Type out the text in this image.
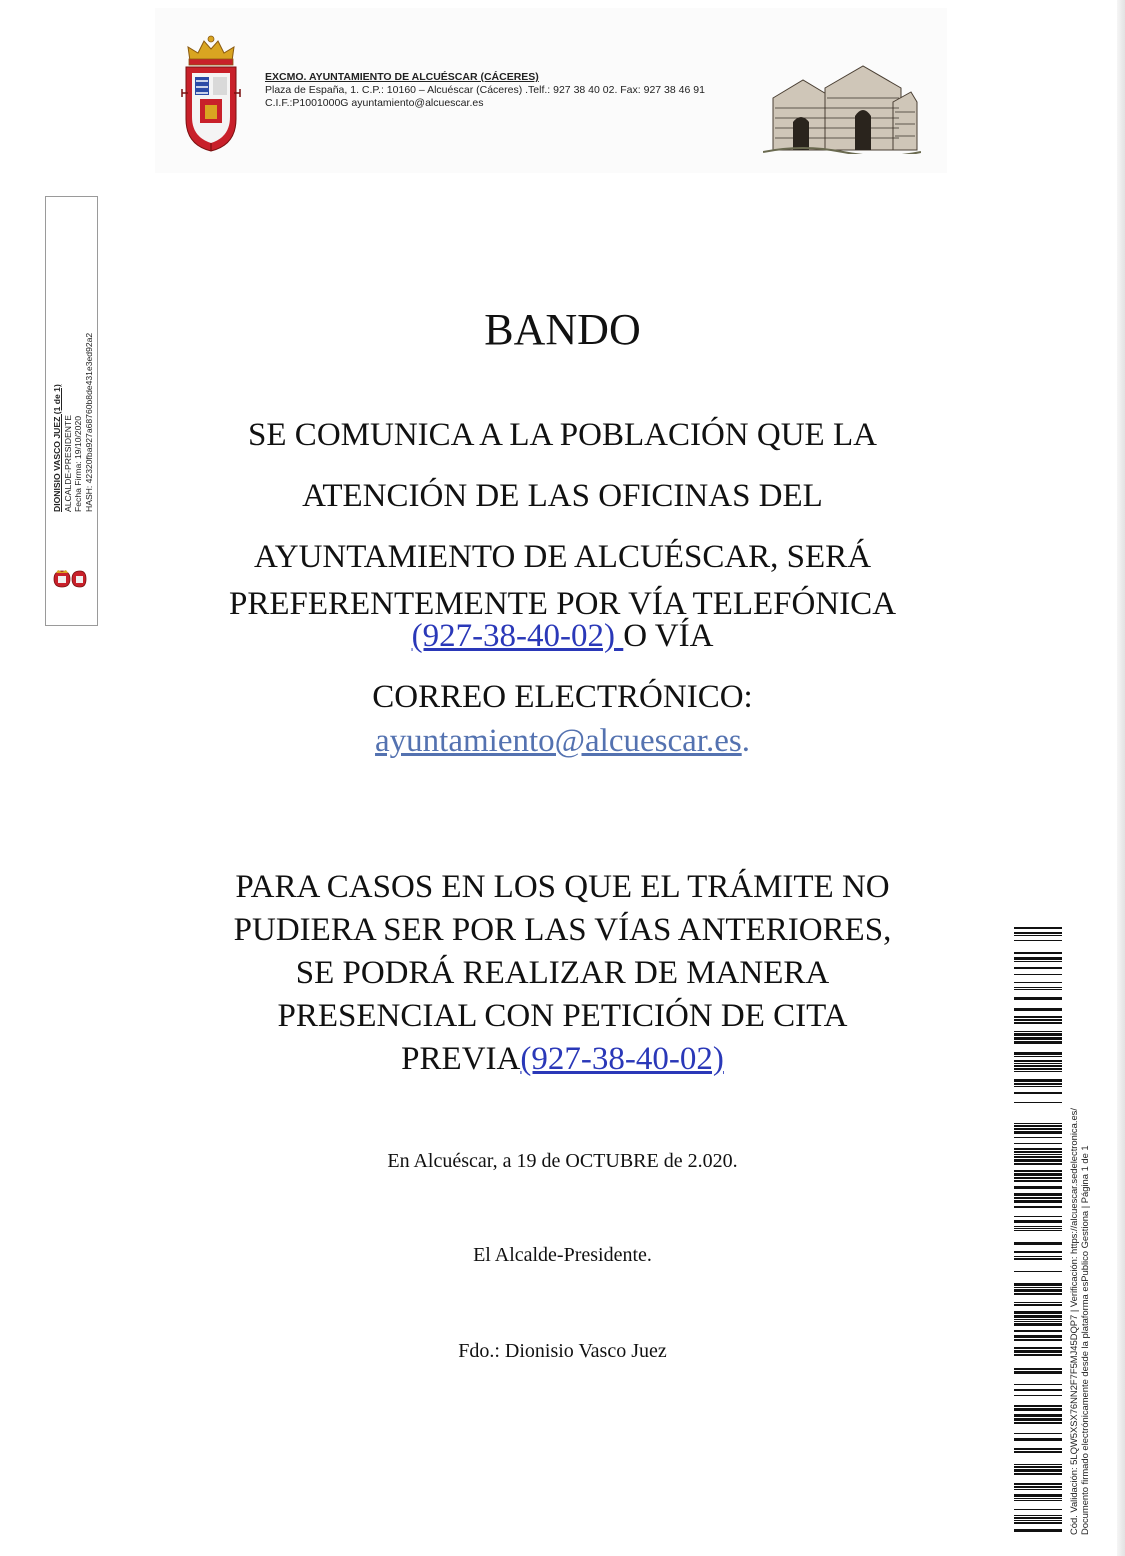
EXCMO. AYUNTAMIENTO DE ALCUÉSCAR (CÁCERES)
Plaza de España, 1. C.P.: 10160 – Alcuéscar (Cáceres) .Telf.: 927 38 40 02. Fax: 927 38 46 91
C.I.F.:P1001000G ayuntamiento@alcuescar.es
DIONISIO VASCO JUEZ (1 de 1) ALCALDE-PRESIDENTE Fecha Firma: 19/10/2020 HASH: 42320fba927a68760b8de431e3ed92a2
BANDO
SE COMUNICA A LA POBLACIÓN QUE LA
ATENCIÓN DE LAS OFICINAS DEL
AYUNTAMIENTO DE ALCUÉSCAR, SERÁ
PREFERENTEMENTE POR VÍA TELEFÓNICA
(927-38-40-02) O VÍA
CORREO ELECTRÓNICO:
ayuntamiento@alcuescar.es.
PARA CASOS EN LOS QUE EL TRÁMITE NO
PUDIERA SER POR LAS VÍAS ANTERIORES,
SE PODRÁ REALIZAR DE MANERA
PRESENCIAL CON PETICIÓN DE CITA
PREVIA(927-38-40-02)
En Alcuéscar, a 19 de OCTUBRE de 2.020.
El Alcalde-Presidente.
Fdo.: Dionisio Vasco Juez	Cód. Validación: 5LQW5XSX76NN2F7F5MJ45DQP7 | Verificación: https://alcuescar.sedelectronica.es/ Documento firmado electrónicamente desde la plataforma esPublico Gestiona | Página 1 de 1
